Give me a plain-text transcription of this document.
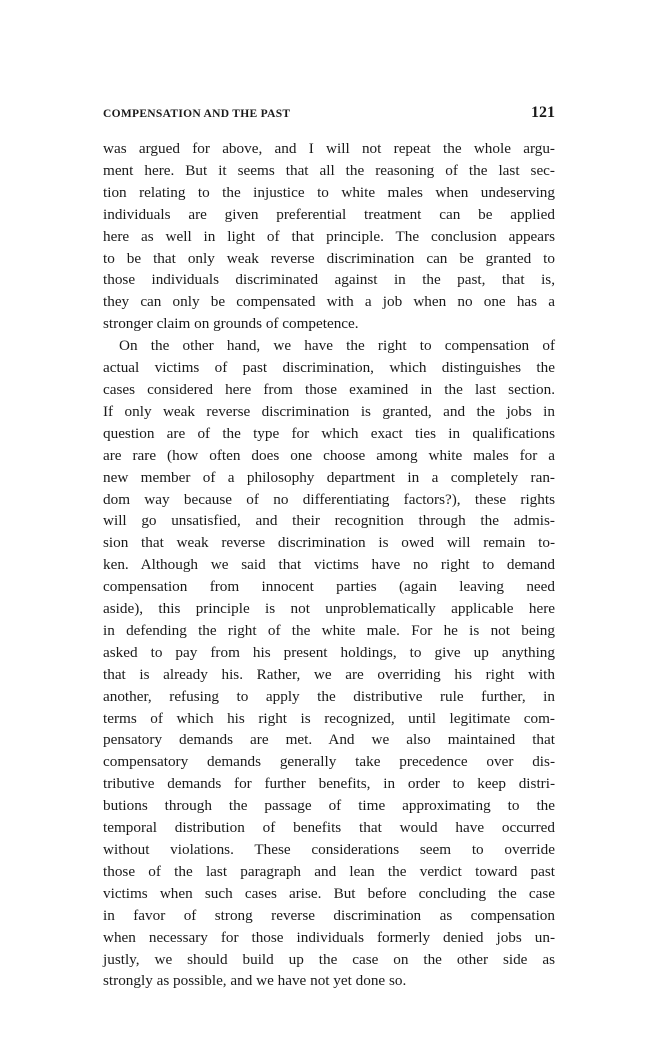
COMPENSATION AND THE PAST	121
was argued for above, and I will not repeat the whole argu-
ment here. But it seems that all the reasoning of the last sec-
tion relating to the injustice to white males when undeserving
individuals are given preferential treatment can be applied
here as well in light of that principle. The conclusion appears
to be that only weak reverse discrimination can be granted to
those individuals discriminated against in the past, that is,
they can only be compensated with a job when no one has a
stronger claim on grounds of competence.
On the other hand, we have the right to compensation of
actual victims of past discrimination, which distinguishes the
cases considered here from those examined in the last section.
If only weak reverse discrimination is granted, and the jobs in
question are of the type for which exact ties in qualifications
are rare (how often does one choose among white males for a
new member of a philosophy department in a completely ran-
dom way because of no differentiating factors?), these rights
will go unsatisfied, and their recognition through the admis-
sion that weak reverse discrimination is owed will remain to-
ken. Although we said that victims have no right to demand
compensation from innocent parties (again leaving need
aside), this principle is not unproblematically applicable here
in defending the right of the white male. For he is not being
asked to pay from his present holdings, to give up anything
that is already his. Rather, we are overriding his right with
another, refusing to apply the distributive rule further, in
terms of which his right is recognized, until legitimate com-
pensatory demands are met. And we also maintained that
compensatory demands generally take precedence over dis-
tributive demands for further benefits, in order to keep distri-
butions through the passage of time approximating to the
temporal distribution of benefits that would have occurred
without violations. These considerations seem to override
those of the last paragraph and lean the verdict toward past
victims when such cases arise. But before concluding the case
in favor of strong reverse discrimination as compensation
when necessary for those individuals formerly denied jobs un-
justly, we should build up the case on the other side as
strongly as possible, and we have not yet done so.
